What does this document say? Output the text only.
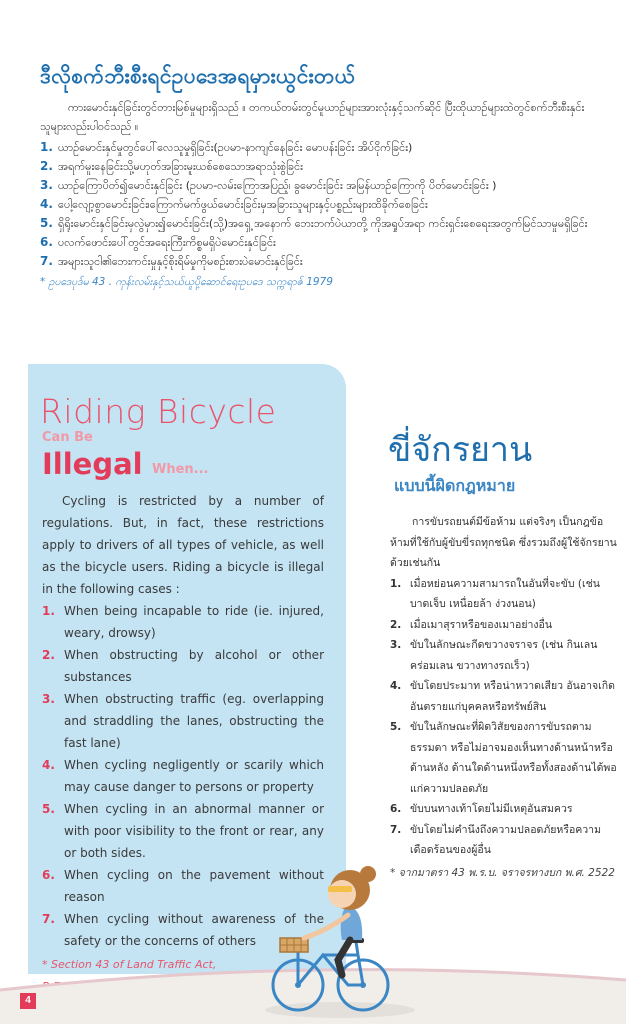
ဒီလိုစက်ဘီးစီးရင်ဥပဒေအရမှားယွင်းတယ်

ကားမောင်းနှင်ခြင်းတွင်တားမြစ်မှုများရှိသည် ။ တကယ်တမ်းတွင်မူယာဉ်များအားလုံးနှင့်သက်ဆိုင် ပြီးထိုယာဉ်များထဲတွင်စက်ဘီးစီးနှင်းသူများလည်းပါဝင်သည် ။

1. ယာဉ်မောင်းနှင်မှုတွင်ပေါ်လေသူမှုရှိခြင်း(ဥပမာ-နာကျင်နေခြင်း မောပန်းခြင်း အိပ်ငိုက်ခြင်း)
2. အရက်မူးနေခြင်းသို့မဟုတ်အခြားမူးယစ်စေသောအရာသုံးစွဲခြင်း
3. ယာဉ်ကြောပိတ်၍မောင်းနှင်ခြင်း (ဥပမာ-လမ်းကြောအပြည့်၊ ခွမောင်းခြင်း အမြန်ယာဉ်ကြောကို ပိတ်မောင်းခြင်း )
4. ပေါ့လျော့စွာမောင်းခြင်း၊ကြောက်မက်ဖွယ်မောင်းခြင်းမှအခြားသူများနှင့်ပစ္စည်းများထိခိုက်စေခြင်း
5. ရှိရိုးမောင်းနှင်ခြင်းမှလွဲမှား၍မောင်းခြင်း(သို့)အရှေ့ အနောက် ဘေးဘက်ပဲယာတို့ ကိုအရှုပ်အရာ ကင်းရှင်းစေရေးအတွက်မြင်သာမှုမရှိခြင်း
6. ပလက်ဖောင်းပေါ်တွင်အရေးကြီးကိစ္စမရှိပဲမောင်းနှင်ခြင်း
7. အများသူငါ၏ဘေးကင်းမှုနှင့်စိုးရိမ်မှုကိုမစဉ်းစားပဲမောင်းနှင်ခြင်း

* ဥပဒေပုဒ်မ 43 . ကုန်းလမ်းနှင့်သယ်ယူပို့ဆောင်ရေးဥပဒေ သက္ကရာဇ် 1979

Riding Bicycle
Can Be
Illegal When...

Cycling is restricted by a number of regulations. But, in fact, these restrictions apply to drivers of all types of vehicle, as well as the bicycle users. Riding a bicycle is illegal in the following cases :

1. When being incapable to ride (ie. injured, weary, drowsy)
2. When obstructing by alcohol or other substances
3. When obstructing traffic (eg. overlapping and straddling the lanes, obstructing the fast lane)
4. When cycling negligently or scarily which may cause danger to persons or property
5. When cycling in an abnormal manner or with poor visibility to the front or rear, any or both sides.
6. When cycling on the pavement without reason
7. When cycling without awareness of the safety or the concerns of others

* Section 43 of Land Traffic Act,

ขี่จักรยาน
แบบนี้ผิดกฎหมาย

การขับรถยนต์มีข้อห้าม แต่จริงๆ เป็นกฎข้อห้ามที่ใช้กับผู้ขับขี่รถทุกชนิด ซึ่งรวมถึงผู้ใช้จักรยานด้วยเช่นกัน

1. เมื่อหย่อนความสามารถในอันที่จะขับ (เช่น บาดเจ็บ เหนื่อยล้า ง่วงนอน)
2. เมื่อเมาสุราหรือของเมาอย่างอื่น
3. ขับในลักษณะกีดขวางจราจร (เช่น กินเลน คร่อมเลน ขวางทางรถเร็ว)
4. ขับโดยประมาท หรือน่าหวาดเสียว อันอาจเกิดอันตรายแก่บุคคลหรือทรัพย์สิน
5. ขับในลักษณะที่ผิดวิสัยของการขับรถตามธรรมดา หรือไม่อาจมองเห็นทางด้านหน้าหรือด้านหลัง ด้านใดด้านหนึ่งหรือทั้งสองด้านได้พอแก่ความปลอดภัย
6. ขับบนทางเท้าโดยไม่มีเหตุอันสมควร
7. ขับโดยไม่คำนึงถึงความปลอดภัยหรือความเดือดร้อนของผู้อื่น

* จากมาตรา 43 พ.ร.บ. จราจรทางบก พ.ศ. 2522

4
